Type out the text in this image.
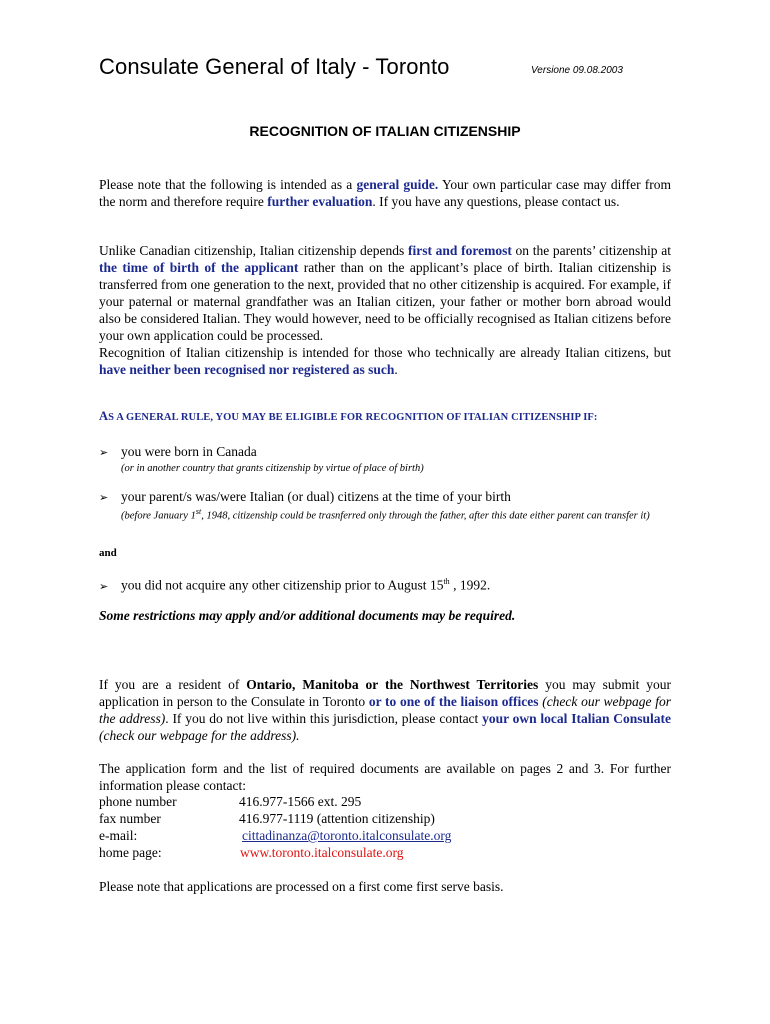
Consulate General of Italy - Toronto	Versione 09.08.2003
RECOGNITION OF ITALIAN CITIZENSHIP
Please note that the following is intended as a general guide. Your own particular case may differ from the norm and therefore require further evaluation. If you have any questions, please contact us.
Unlike Canadian citizenship, Italian citizenship depends first and foremost on the parents’ citizenship at the time of birth of the applicant rather than on the applicant’s place of birth. Italian citizenship is transferred from one generation to the next, provided that no other citizenship is acquired. For example, if your paternal or maternal grandfather was an Italian citizen, your father or mother born abroad would also be considered Italian. They would however, need to be officially recognised as Italian citizens before your own application could be processed.
Recognition of Italian citizenship is intended for those who technically are already Italian citizens, but have neither been recognised nor registered as such.
AS A GENERAL RULE, YOU MAY BE ELIGIBLE FOR RECOGNITION OF ITALIAN CITIZENSHIP IF:
➢ you were born in Canada
(or in another country that grants citizenship by virtue of place of birth)
➢ your parent/s was/were Italian (or dual) citizens at the time of your birth
(before January 1st, 1948, citizenship could be trasnferred only through the father, after this date either parent can transfer it)
and
➢ you did not acquire any other citizenship prior to August 15th , 1992.
Some restrictions may apply and/or additional documents may be required.
If you are a resident of Ontario, Manitoba or the Northwest Territories you may submit your application in person to the Consulate in Toronto or to one of the liaison offices (check our webpage for the address). If you do not live within this jurisdiction, please contact your own local Italian Consulate (check our webpage for the address).
The application form and the list of required documents are available on pages 2 and 3. For further information please contact:
phone number	416.977-1566 ext. 295
fax number	416.977-1119 (attention citizenship)
e-mail:	cittadinanza@toronto.italconsulate.org
home page:	www.toronto.italconsulate.org
Please note that applications are processed on a first come first serve basis.
